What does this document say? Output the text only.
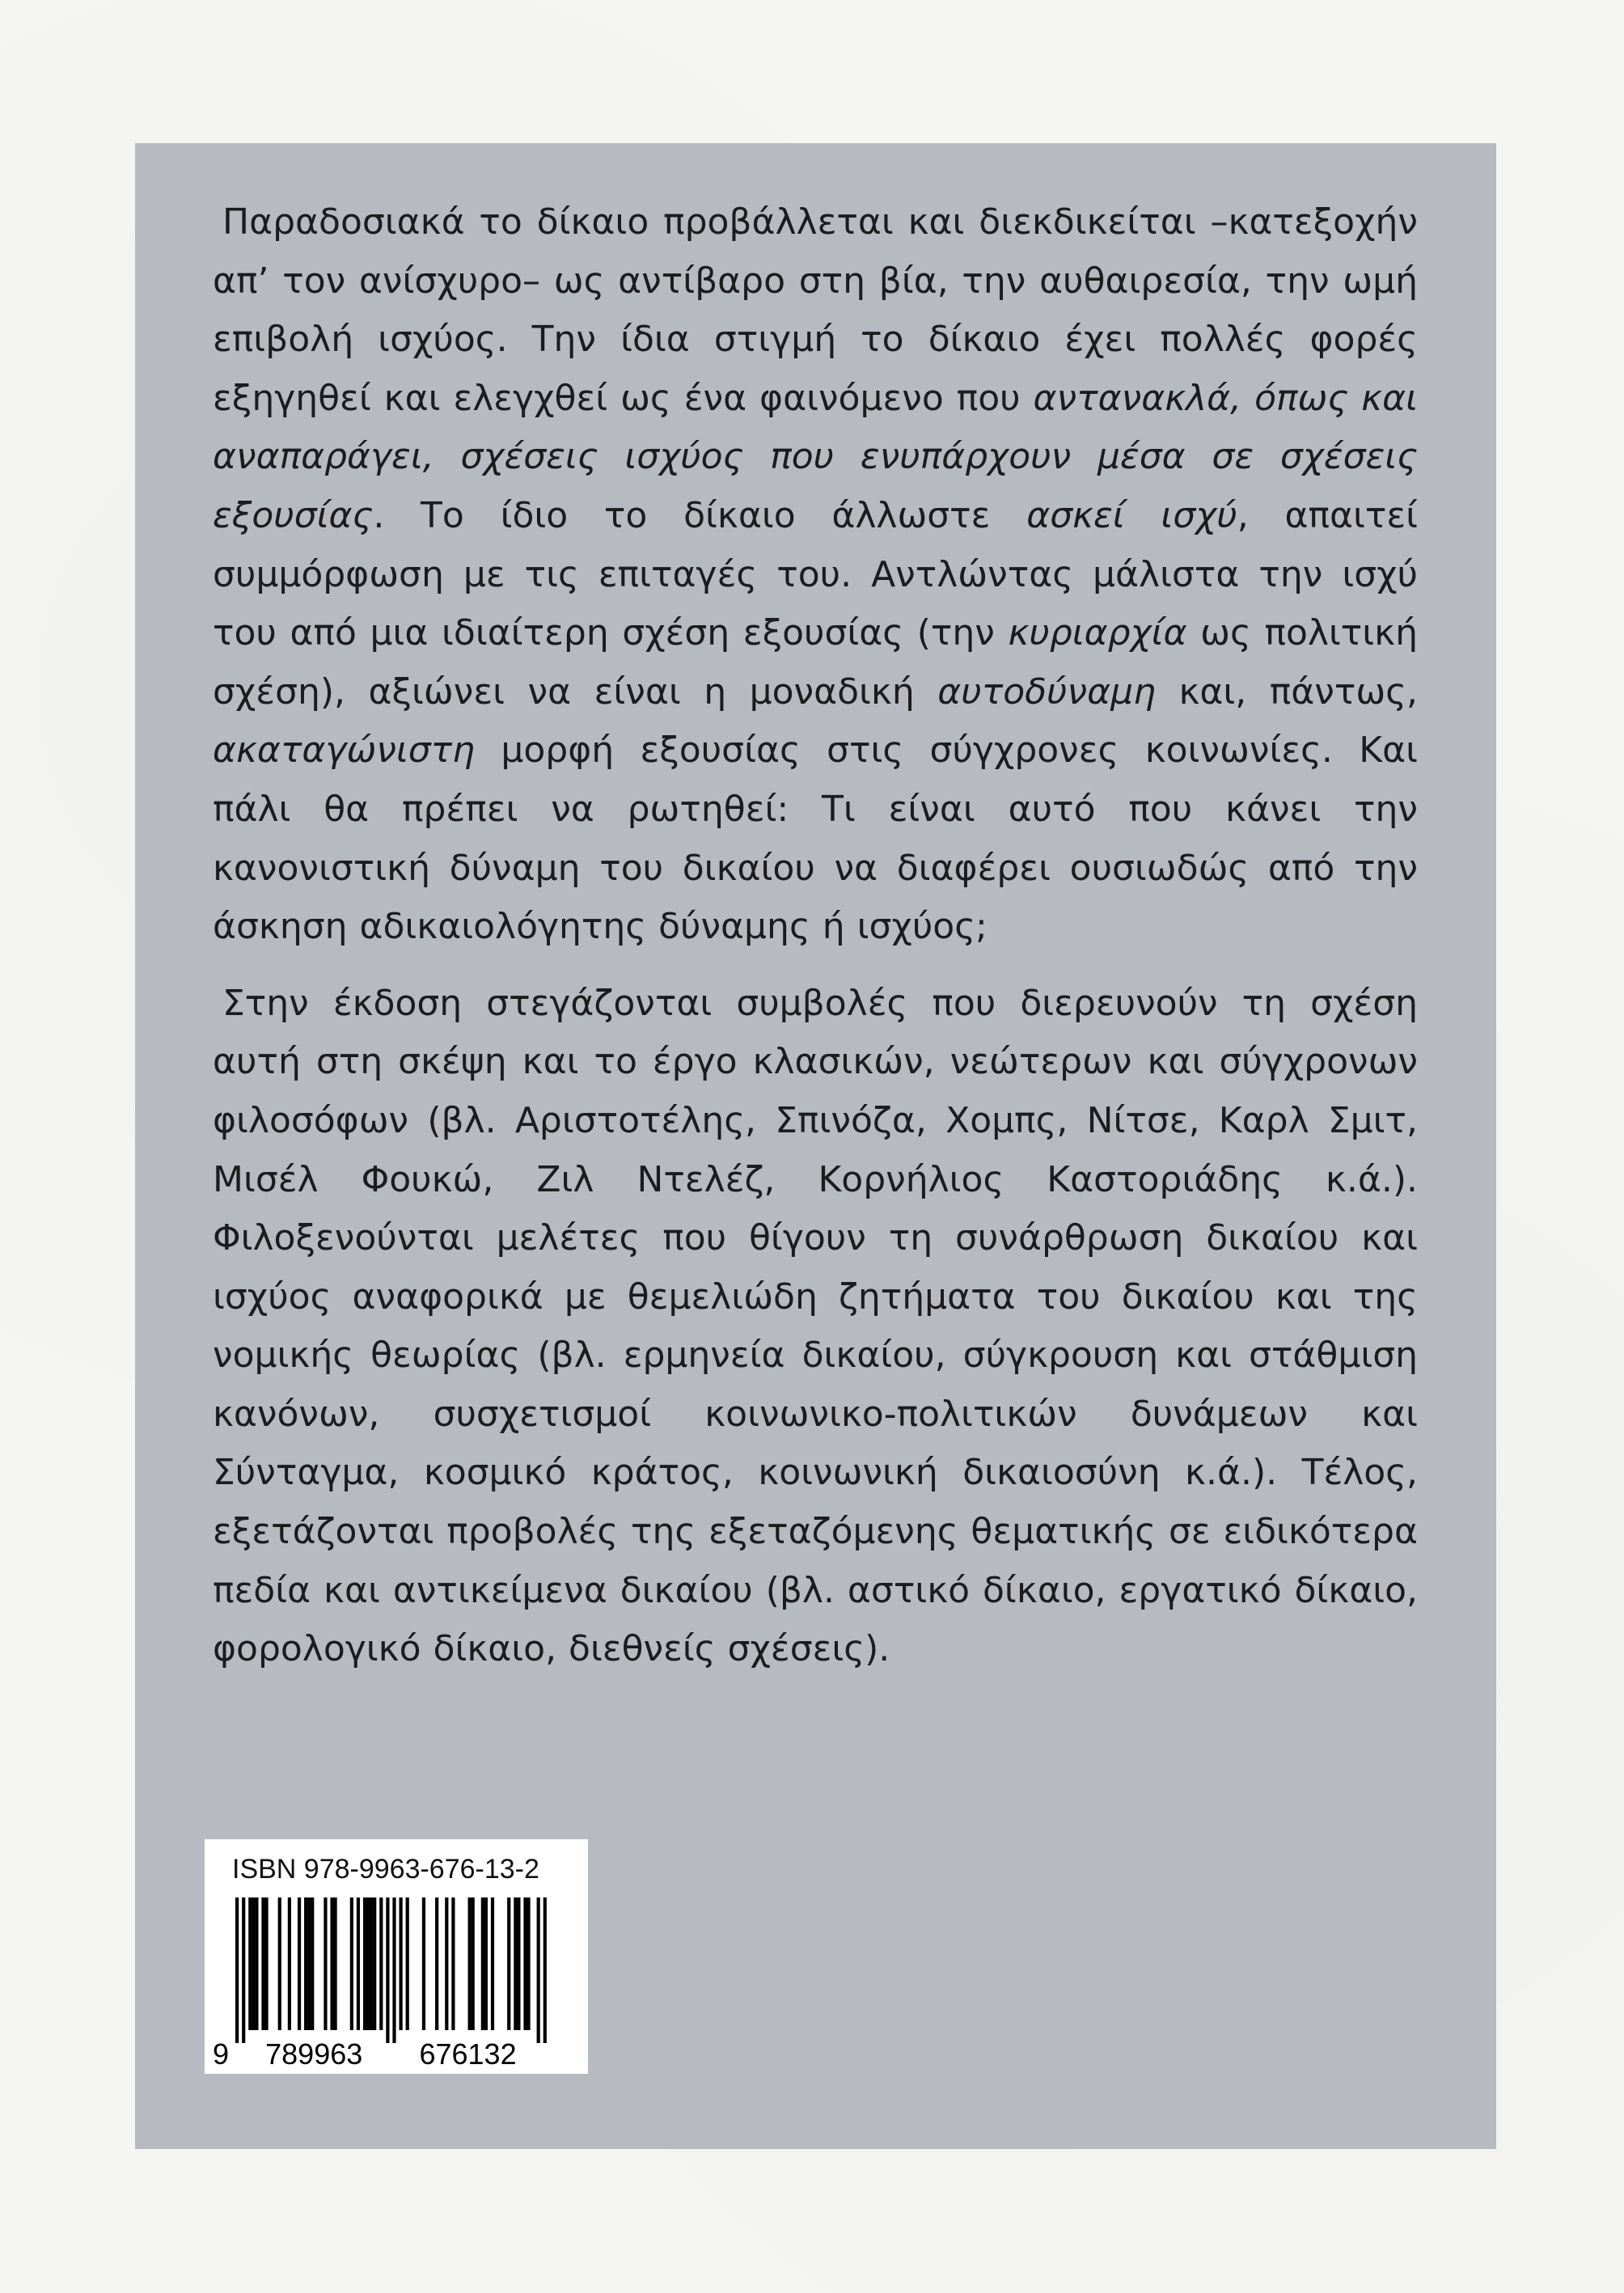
Παραδοσιακά το δίκαιο προβάλλεται και διεκδικείται –κατεξοχήν απ’ τον ανίσχυρο– ως αντίβαρο στη βία, την αυθαιρεσία, την ωμή επιβολή ισχύος. Την ίδια στιγμή το δίκαιο έχει πολλές φορές εξηγηθεί και ελεγχθεί ως ένα φαινόμενο που αντανακλά, όπως και αναπαράγει, σχέσεις ισχύος που ενυπάρχουν μέσα σε σχέσεις εξουσίας. Το ίδιο το δίκαιο άλλωστε ασκεί ισχύ, απαιτεί συμμόρφωση με τις επιταγές του. Αντλώντας μάλιστα την ισχύ του από μια ιδιαίτερη σχέση εξουσίας (την κυριαρχία ως πολιτική σχέση), αξιώνει να είναι η μοναδική αυτοδύναμη και, πάντως, ακαταγώνιστη μορφή εξουσίας στις σύγχρονες κοινωνίες. Και πάλι θα πρέπει να ρωτηθεί: Τι είναι αυτό που κάνει την κανονιστική δύναμη του δικαίου να διαφέρει ουσιωδώς από την άσκηση αδικαιολόγητης δύναμης ή ισχύος;

Στην έκδοση στεγάζονται συμβολές που διερευνούν τη σχέση αυτή στη σκέψη και το έργο κλασικών, νεώτερων και σύγχρονων φιλοσόφων (βλ. Αριστοτέλης, Σπινόζα, Χομπς, Νίτσε, Καρλ Σμιτ, Μισέλ Φουκώ, Ζιλ Ντελέζ, Κορνήλιος Καστοριάδης κ.ά.). Φιλοξενούνται μελέτες που θίγουν τη συνάρθρωση δικαίου και ισχύος αναφορικά με θεμελιώδη ζητήματα του δικαίου και της νομικής θεωρίας (βλ. ερμηνεία δικαίου, σύγκρουση και στάθμιση κανόνων, συσχετισμοί κοινωνικο-πολιτικών δυνάμεων και Σύνταγμα, κοσμικό κράτος, κοινωνική δικαιοσύνη κ.ά.). Τέλος, εξετάζονται προβολές της εξεταζόμενης θεματικής σε ειδικότερα πεδία και αντικείμενα δικαίου (βλ. αστικό δίκαιο, εργατικό δίκαιο, φορολογικό δίκαιο, διεθνείς σχέσεις).

ISBN 978-9963-676-13-2
9 789963 676132
